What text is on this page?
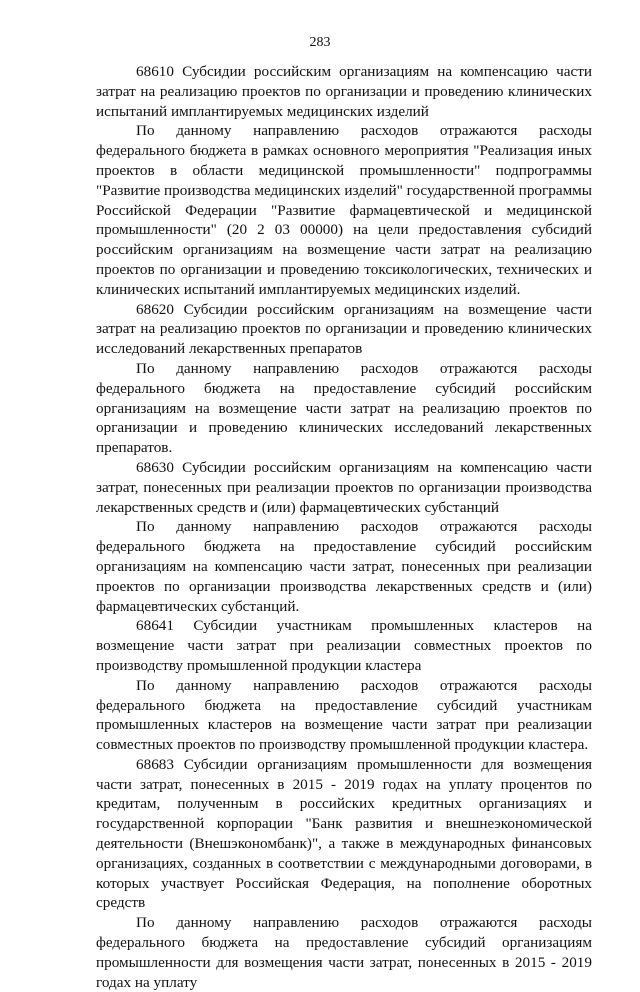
283

68610 Субсидии российским организациям на компенсацию части затрат на реализацию проектов по организации и проведению клинических испытаний имплантируемых медицинских изделий

По данному направлению расходов отражаются расходы федерального бюджета в рамках основного мероприятия "Реализация иных проектов в области медицинской промышленности" подпрограммы "Развитие производства медицинских изделий" государственной программы Российской Федерации "Развитие фармацевтической и медицинской промышленности" (20 2 03 00000) на цели предоставления субсидий российским организациям на возмещение части затрат на реализацию проектов по организации и проведению токсикологических, технических и клинических испытаний имплантируемых медицинских изделий.

68620 Субсидии российским организациям на возмещение части затрат на реализацию проектов по организации и проведению клинических исследований лекарственных препаратов

По данному направлению расходов отражаются расходы федерального бюджета на предоставление субсидий российским организациям на возмещение части затрат на реализацию проектов по организации и проведению клинических исследований лекарственных препаратов.

68630 Субсидии российским организациям на компенсацию части затрат, понесенных при реализации проектов по организации производства лекарственных средств и (или) фармацевтических субстанций

По данному направлению расходов отражаются расходы федерального бюджета на предоставление субсидий российским организациям на компенсацию части затрат, понесенных при реализации проектов по организации производства лекарственных средств и (или) фармацевтических субстанций.

68641 Субсидии участникам промышленных кластеров на возмещение части затрат при реализации совместных проектов по производству промышленной продукции кластера

По данному направлению расходов отражаются расходы федерального бюджета на предоставление субсидий участникам промышленных кластеров на возмещение части затрат при реализации совместных проектов по производству промышленной продукции кластера.

68683 Субсидии организациям промышленности для возмещения части затрат, понесенных в 2015 - 2019 годах на уплату процентов по кредитам, полученным в российских кредитных организациях и государственной корпорации "Банк развития и внешнеэкономической деятельности (Внешэкономбанк)", а также в международных финансовых организациях, созданных в соответствии с международными договорами, в которых участвует Российская Федерация, на пополнение оборотных средств

По данному направлению расходов отражаются расходы федерального бюджета на предоставление субсидий организациям промышленности для возмещения части затрат, понесенных в 2015 - 2019 годах на уплату
